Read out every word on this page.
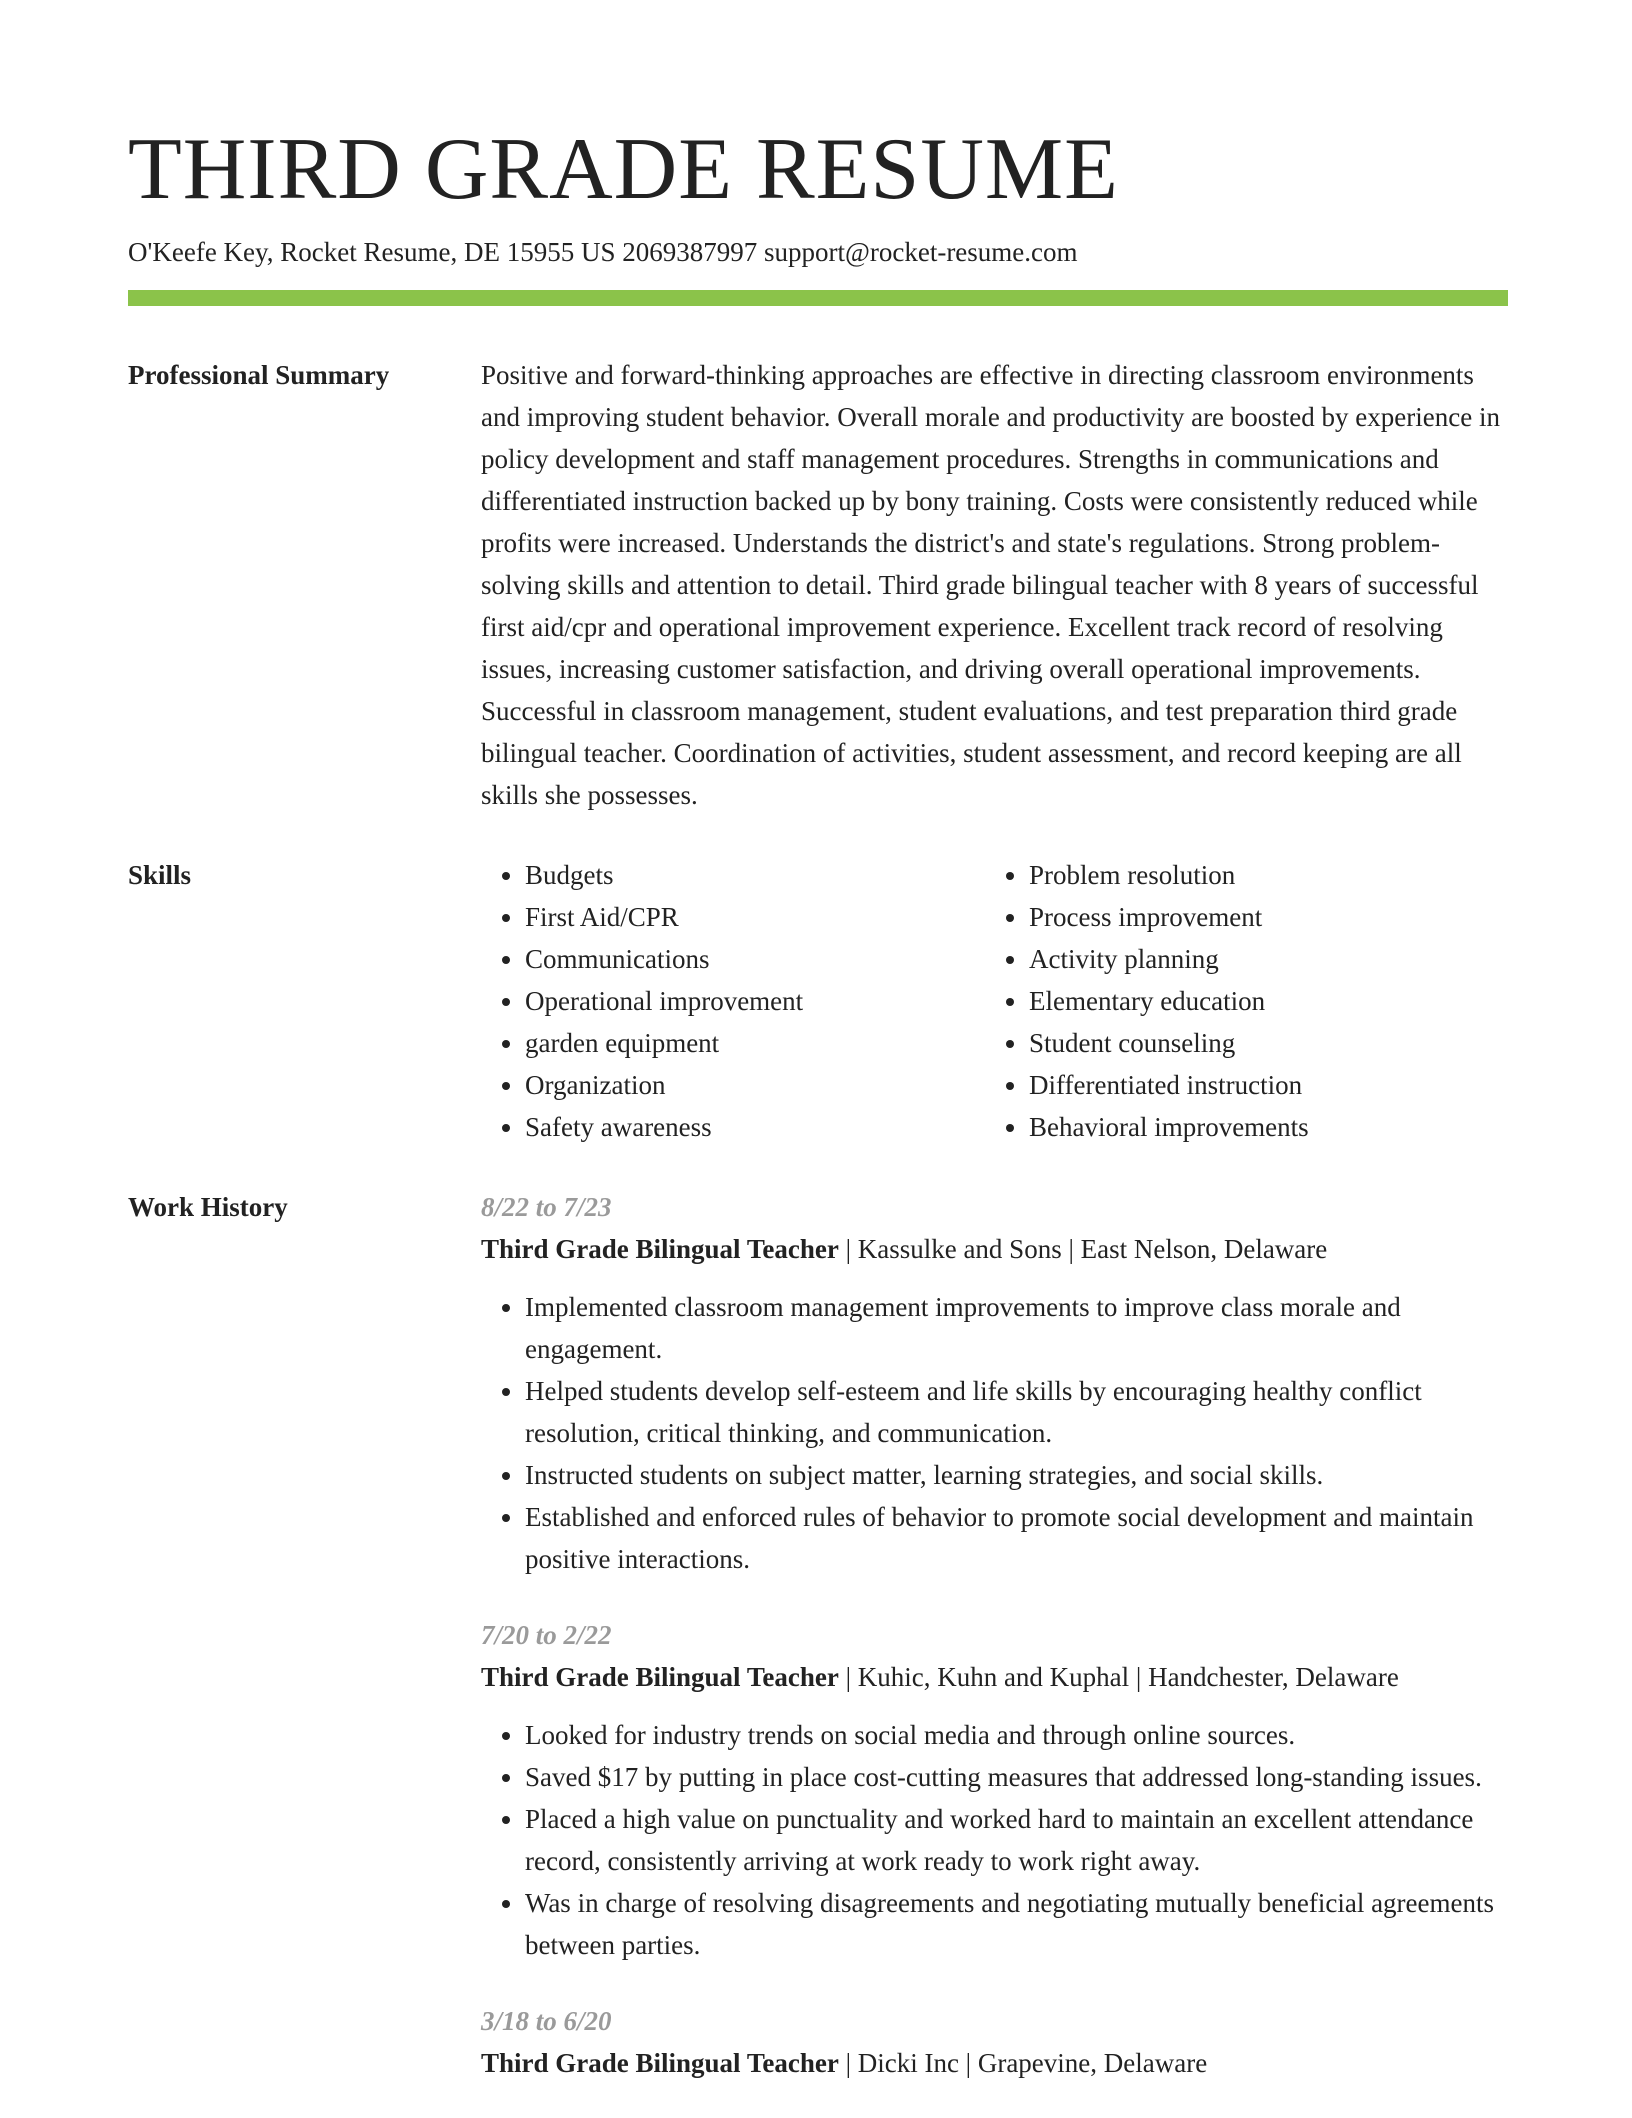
THIRD GRADE RESUME
O'Keefe Key, Rocket Resume, DE 15955 US 2069387997 support@rocket-resume.com
Professional Summary	Positive and forward-thinking approaches are effective in directing classroom environments and improving student behavior. Overall morale and productivity are boosted by experience in policy development and staff management procedures. Strengths in communications and differentiated instruction backed up by bony training. Costs were consistently reduced while profits were increased. Understands the district's and state's regulations. Strong problem-solving skills and attention to detail. Third grade bilingual teacher with 8 years of successful first aid/cpr and operational improvement experience. Excellent track record of resolving issues, increasing customer satisfaction, and driving overall operational improvements. Successful in classroom management, student evaluations, and test preparation third grade bilingual teacher. Coordination of activities, student assessment, and record keeping are all skills she possesses.

Skills
•	Budgets
• First Aid/CPR
• Communications
• Operational improvement
• garden equipment
• Organization
• Safety awareness
• Problem resolution
• Process improvement
• Activity planning
• Elementary education
• Student counseling
• Differentiated instruction
• Behavioral improvements
Work History	8/22 to 7/23
Third Grade Bilingual Teacher | Kassulke and Sons | East Nelson, Delaware
• Implemented classroom management improvements to improve class morale and engagement.
• Helped students develop self-esteem and life skills by encouraging healthy conflict resolution, critical thinking, and communication.
• Instructed students on subject matter, learning strategies, and social skills.
• Established and enforced rules of behavior to promote social development and maintain positive interactions.
7/20 to 2/22
Third Grade Bilingual Teacher | Kuhic, Kuhn and Kuphal | Handchester, Delaware
• Looked for industry trends on social media and through online sources.
• Saved $17 by putting in place cost-cutting measures that addressed long-standing issues.
• Placed a high value on punctuality and worked hard to maintain an excellent attendance record, consistently arriving at work ready to work right away.
• Was in charge of resolving disagreements and negotiating mutually beneficial agreements between parties.
3/18 to 6/20
Third Grade Bilingual Teacher | Dicki Inc | Grapevine, Delaware
